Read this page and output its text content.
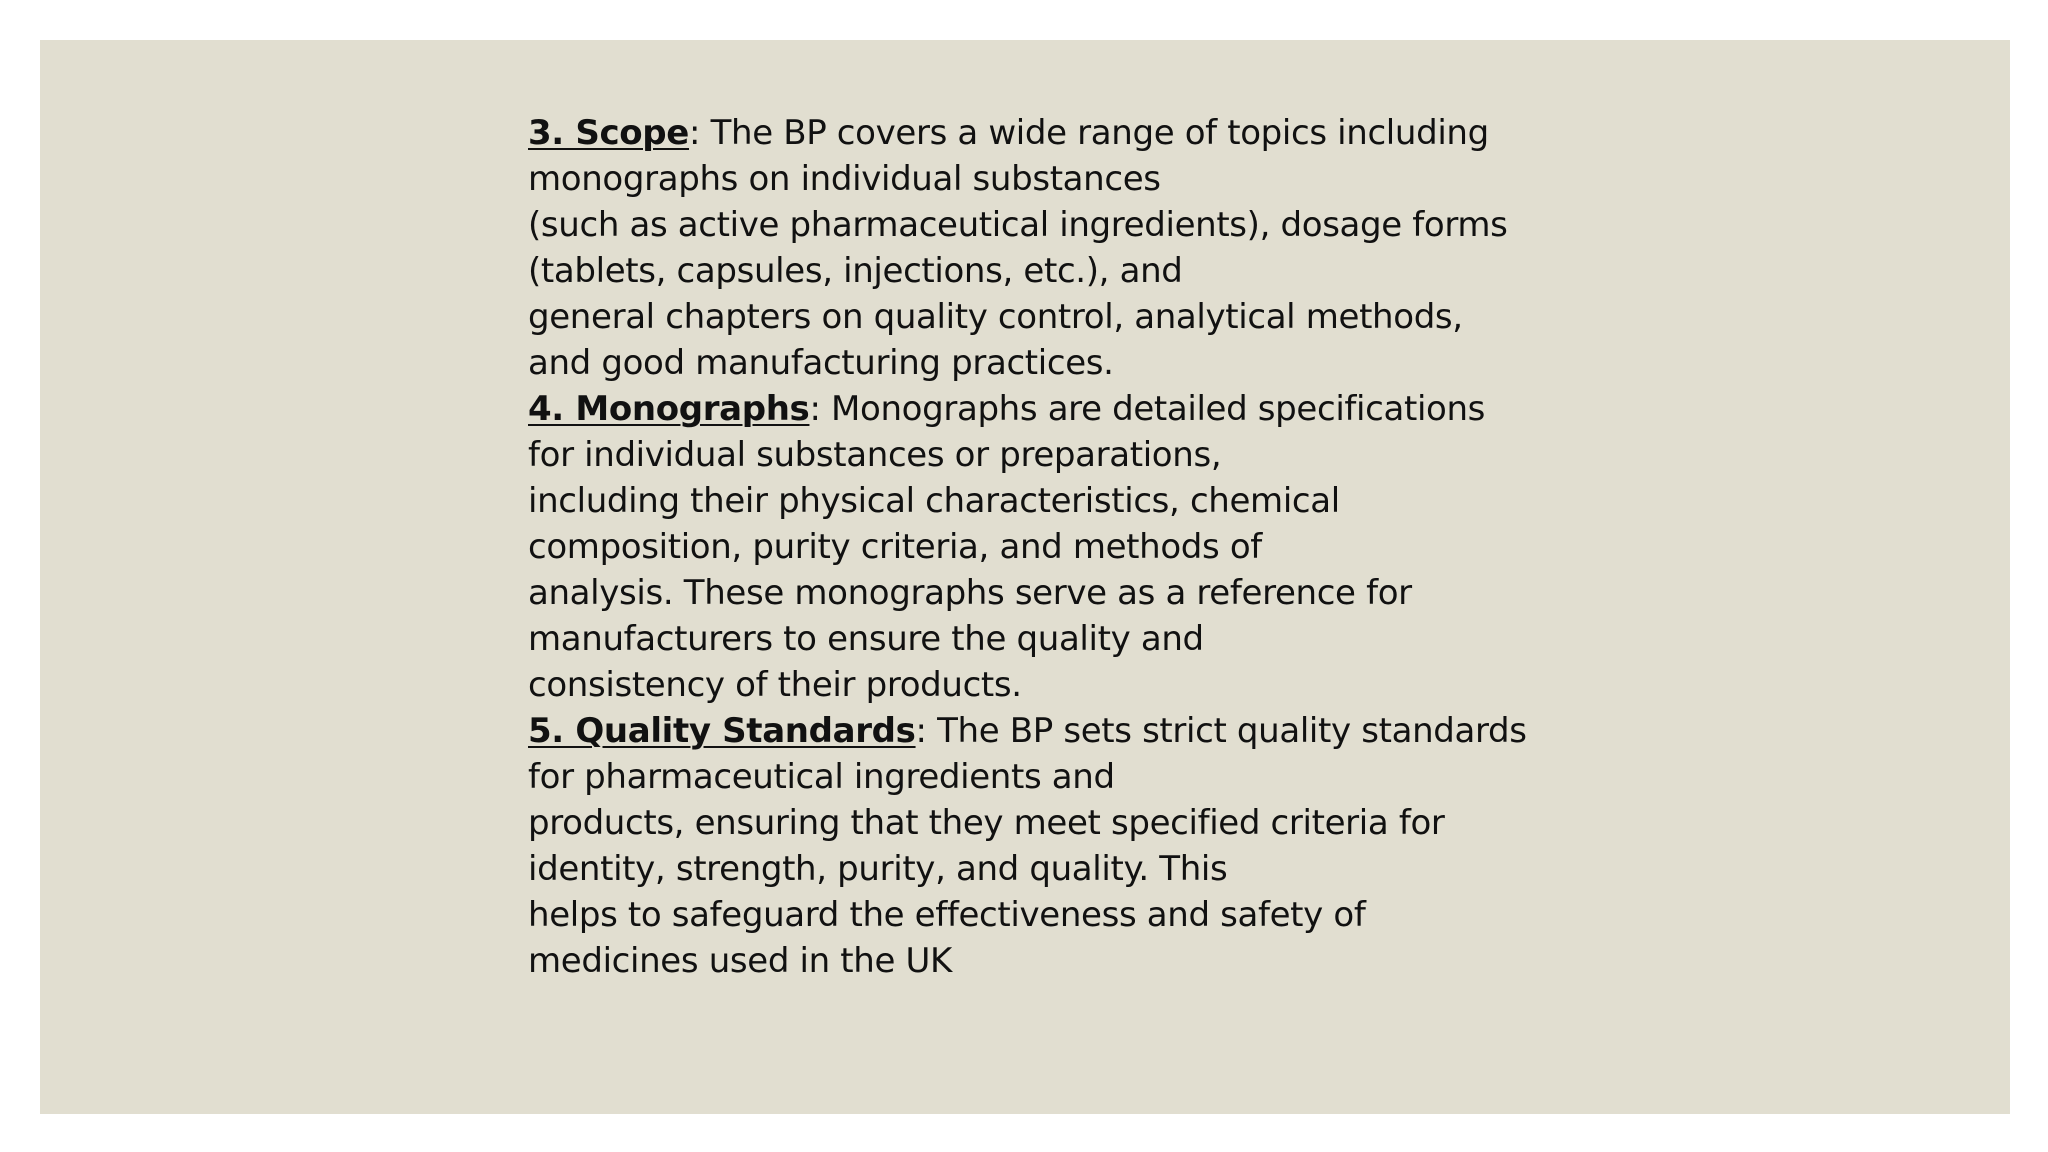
3. Scope: The BP covers a wide range of topics including
monographs on individual substances
(such as active pharmaceutical ingredients), dosage forms
(tablets, capsules, injections, etc.), and
general chapters on quality control, analytical methods,
and good manufacturing practices.
4. Monographs: Monographs are detailed specifications
for individual substances or preparations,
including their physical characteristics, chemical
composition, purity criteria, and methods of
analysis. These monographs serve as a reference for
manufacturers to ensure the quality and
consistency of their products.
5. Quality Standards: The BP sets strict quality standards
for pharmaceutical ingredients and
products, ensuring that they meet specified criteria for
identity, strength, purity, and quality. This
helps to safeguard the effectiveness and safety of
medicines used in the UK
